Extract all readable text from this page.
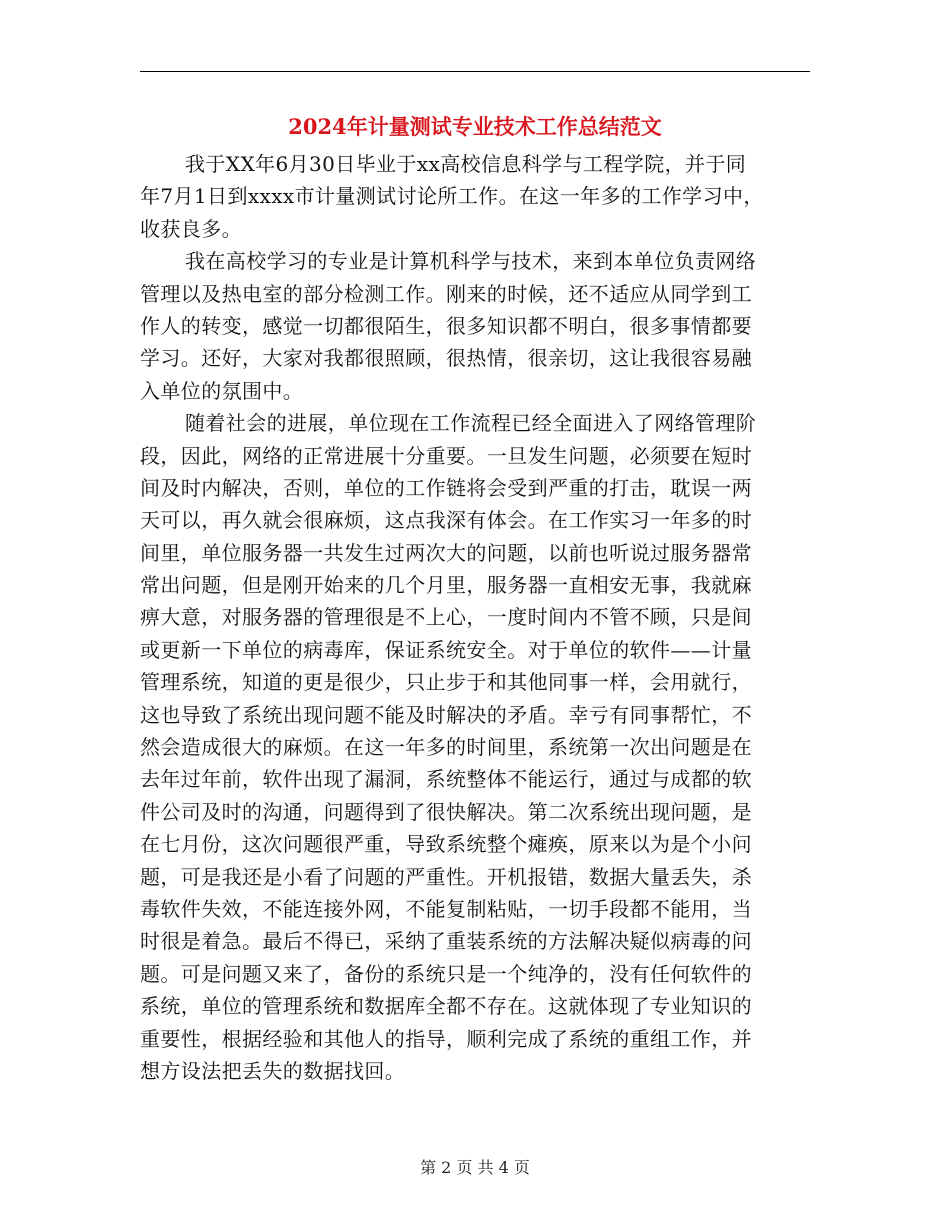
2024年计量测试专业技术工作总结范文
我于XX年6月30日毕业于xx高校信息科学与工程学院，并于同
年7月1日到xxxx市计量测试讨论所工作。在这一年多的工作学习中，
收获良多。
我在高校学习的专业是计算机科学与技术，来到本单位负责网络
管理以及热电室的部分检测工作。刚来的时候，还不适应从同学到工
作人的转变，感觉一切都很陌生，很多知识都不明白，很多事情都要
学习。还好，大家对我都很照顾，很热情，很亲切，这让我很容易融
入单位的氛围中。
随着社会的进展，单位现在工作流程已经全面进入了网络管理阶
段，因此，网络的正常进展十分重要。一旦发生问题，必须要在短时
间及时内解决，否则，单位的工作链将会受到严重的打击，耽误一两
天可以，再久就会很麻烦，这点我深有体会。在工作实习一年多的时
间里，单位服务器一共发生过两次大的问题，以前也听说过服务器常
常出问题，但是刚开始来的几个月里，服务器一直相安无事，我就麻
痹大意，对服务器的管理很是不上心，一度时间内不管不顾，只是间
或更新一下单位的病毒库，保证系统安全。对于单位的软件——计量
管理系统，知道的更是很少，只止步于和其他同事一样，会用就行，
这也导致了系统出现问题不能及时解决的矛盾。幸亏有同事帮忙，不
然会造成很大的麻烦。在这一年多的时间里，系统第一次出问题是在
去年过年前，软件出现了漏洞，系统整体不能运行，通过与成都的软
件公司及时的沟通，问题得到了很快解决。第二次系统出现问题，是
在七月份，这次问题很严重，导致系统整个瘫痪，原来以为是个小问
题，可是我还是小看了问题的严重性。开机报错，数据大量丢失，杀
毒软件失效，不能连接外网，不能复制粘贴，一切手段都不能用，当
时很是着急。最后不得已，采纳了重装系统的方法解决疑似病毒的问
题。可是问题又来了，备份的系统只是一个纯净的，没有任何软件的
系统，单位的管理系统和数据库全都不存在。这就体现了专业知识的
重要性，根据经验和其他人的指导，顺利完成了系统的重组工作，并
想方设法把丢失的数据找回。
第 2 页 共 4 页
